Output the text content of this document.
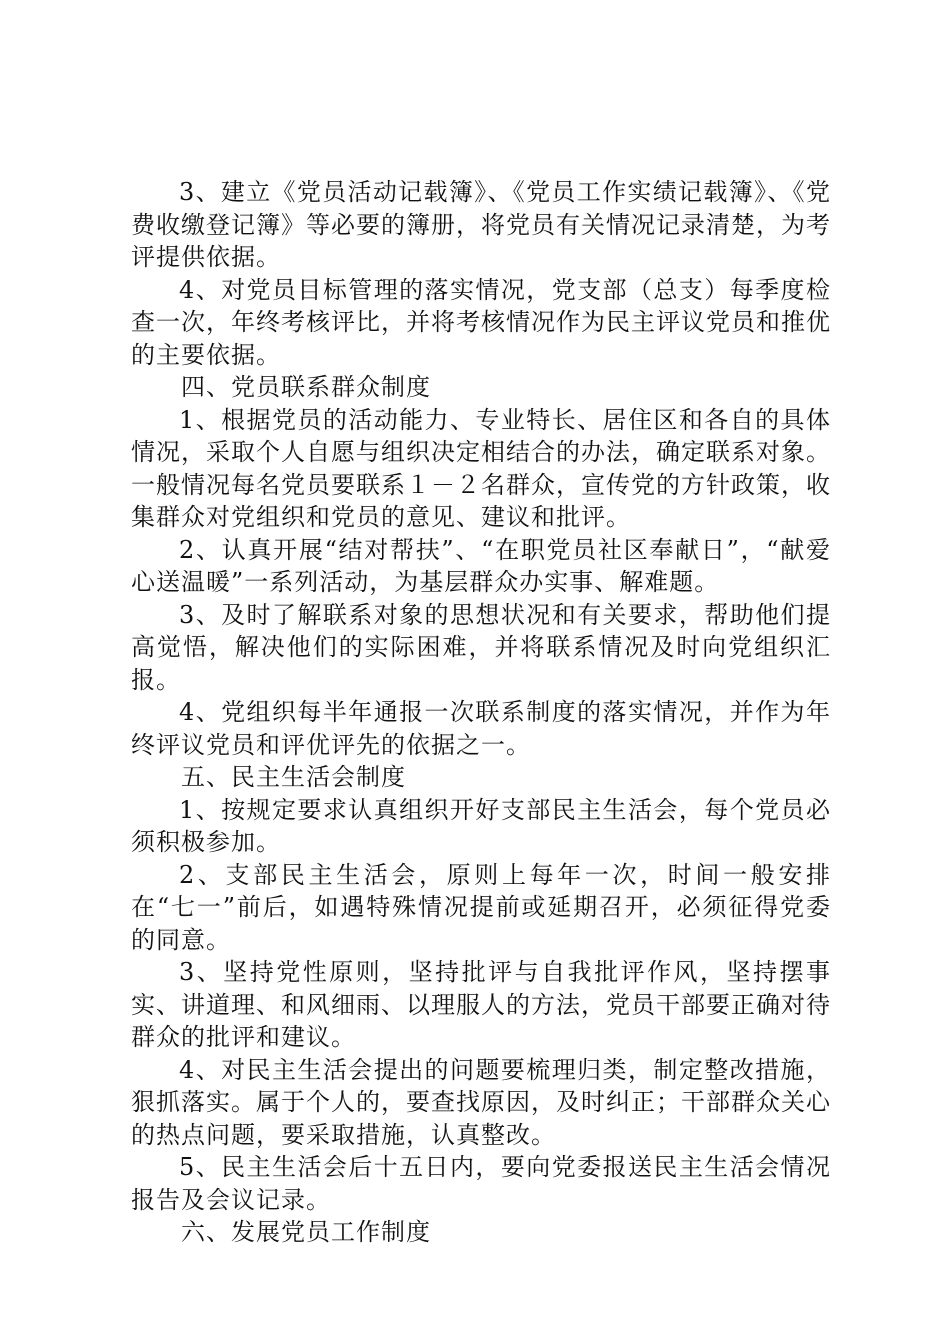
3、建立《党员活动记载簿》、《党员工作实绩记载簿》、《党费收缴登记簿》等必要的簿册，将党员有关情况记录清楚，为考评提供依据。

4、对党员目标管理的落实情况，党支部（总支）每季度检查一次，年终考核评比，并将考核情况作为民主评议党员和推优的主要依据。

四、党员联系群众制度

1、根据党员的活动能力、专业特长、居住区和各自的具体情况，采取个人自愿与组织决定相结合的办法，确定联系对象。一般情况每名党员要联系１－２名群众，宣传党的方针政策，收集群众对党组织和党员的意见、建议和批评。

2、认真开展“结对帮扶”、“在职党员社区奉献日”，“献爱心送温暖”一系列活动，为基层群众办实事、解难题。

3、及时了解联系对象的思想状况和有关要求，帮助他们提高觉悟，解决他们的实际困难，并将联系情况及时向党组织汇报。

4、党组织每半年通报一次联系制度的落实情况，并作为年终评议党员和评优评先的依据之一。

五、民主生活会制度

1、按规定要求认真组织开好支部民主生活会，每个党员必须积极参加。

2、支部民主生活会，原则上每年一次，时间一般安排在“七一”前后，如遇特殊情况提前或延期召开，必须征得党委的同意。

3、坚持党性原则，坚持批评与自我批评作风，坚持摆事实、讲道理、和风细雨、以理服人的方法，党员干部要正确对待群众的批评和建议。

4、对民主生活会提出的问题要梳理归类，制定整改措施，狠抓落实。属于个人的，要查找原因，及时纠正；干部群众关心的热点问题，要采取措施，认真整改。

5、民主生活会后十五日内，要向党委报送民主生活会情况报告及会议记录。

六、发展党员工作制度
